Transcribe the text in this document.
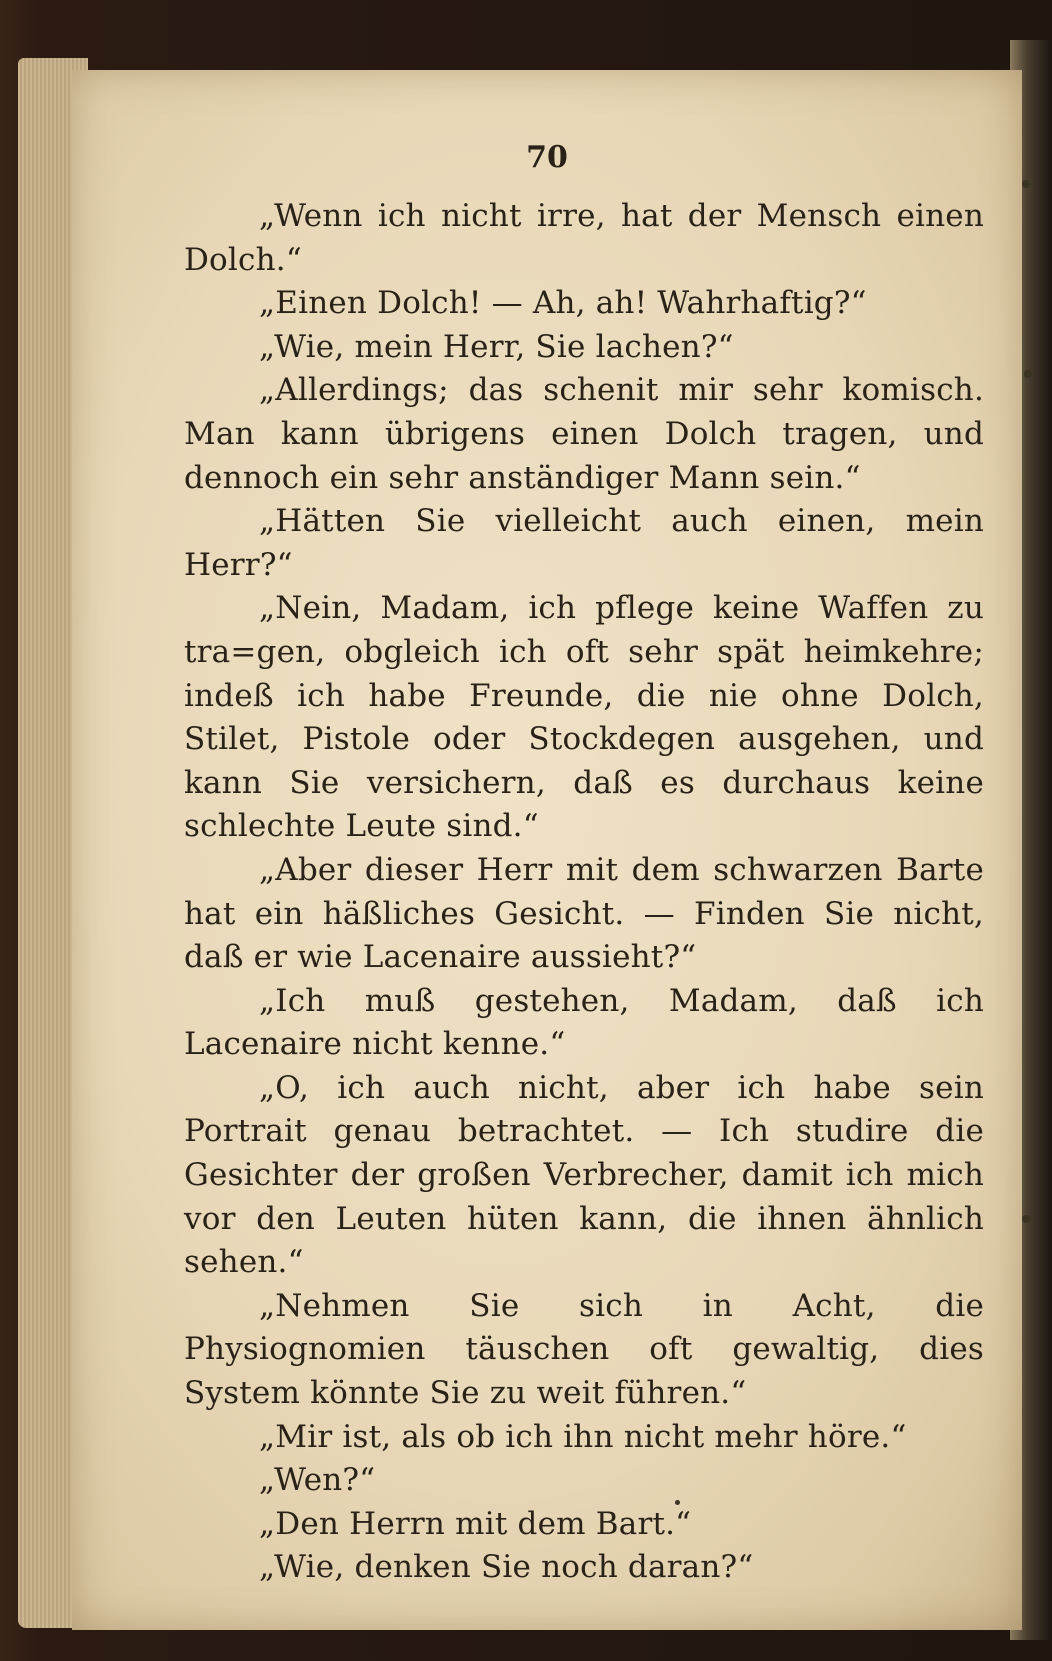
70

„Wenn ich nicht irre, hat der Mensch einen Dolch.“

„Einen Dolch! — Ah, ah! Wahrhaftig?“

„Wie, mein Herr, Sie lachen?“

„Allerdings; das schenit mir sehr komisch. Man kann übrigens einen Dolch tragen, und dennoch ein sehr anständiger Mann sein.“

„Hätten Sie vielleicht auch einen, mein Herr?“

„Nein, Madam, ich pflege keine Waffen zu tra=gen, obgleich ich oft sehr spät heimkehre; indeß ich habe Freunde, die nie ohne Dolch, Stilet, Pistole oder Stockdegen ausgehen, und kann Sie versichern, daß es durchaus keine schlechte Leute sind.“

„Aber dieser Herr mit dem schwarzen Barte hat ein häßliches Gesicht. — Finden Sie nicht, daß er wie Lacenaire aussieht?“

„Ich muß gestehen, Madam, daß ich Lacenaire nicht kenne.“

„O, ich auch nicht, aber ich habe sein Portrait genau betrachtet. — Ich studire die Gesichter der großen Verbrecher, damit ich mich vor den Leuten hüten kann, die ihnen ähnlich sehen.“

„Nehmen Sie sich in Acht, die Physiognomien täuschen oft gewaltig, dies System könnte Sie zu weit führen.“

„Mir ist, als ob ich ihn nicht mehr höre.“

„Wen?“

„Den Herrn mit dem Bart.“

„Wie, denken Sie noch daran?“
